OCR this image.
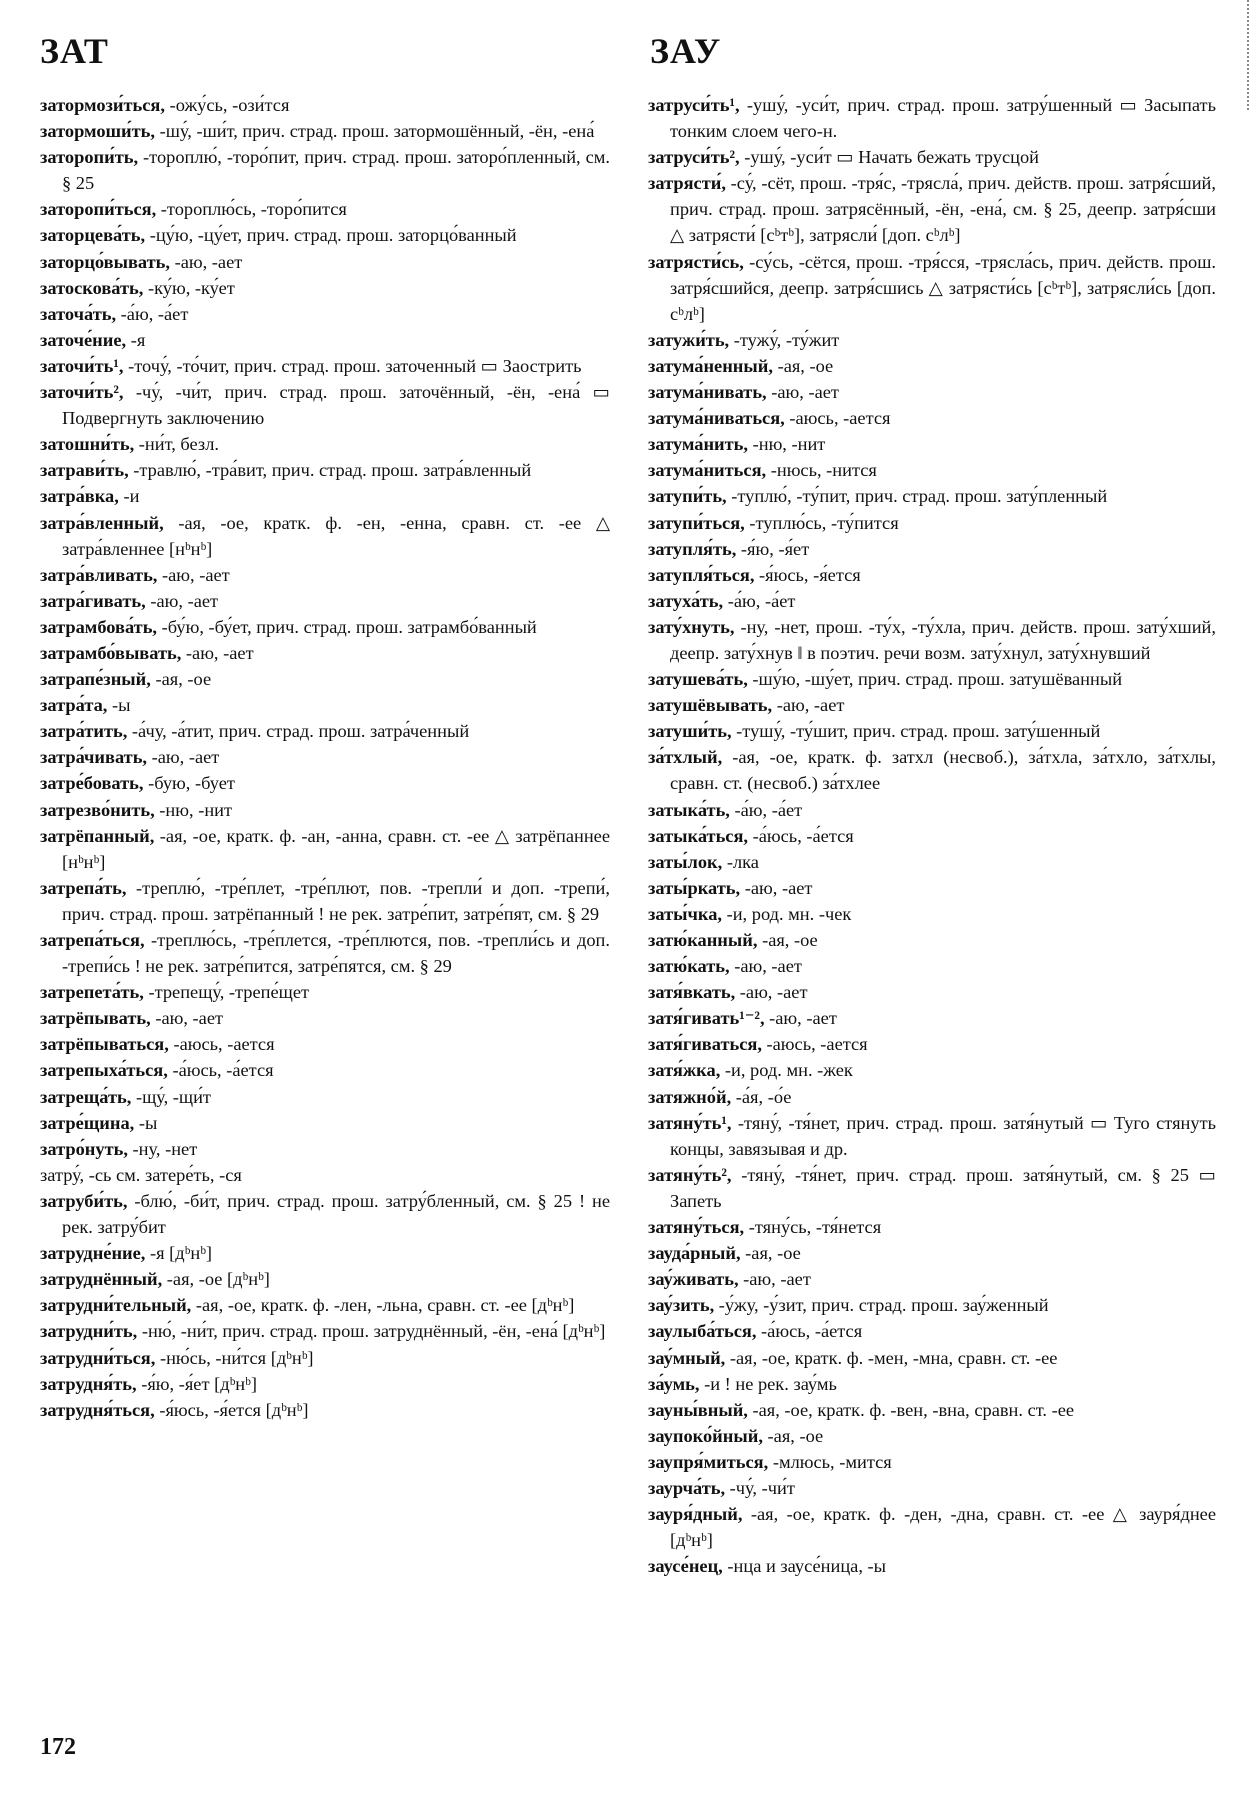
ЗАТ	ЗАУ
затормози́ться, -ожу́сь, -ози́тся
затормоши́ть, -шу́, -ши́т, прич. страд. прош. затормошённый, -ён, -ена́
заторопи́ть, -тороплю́, -торо́пит, прич. страд. прош. заторо́пленный, см. § 25
заторопи́ться, -тороплю́сь, -торо́пится
заторцева́ть, -цу́ю, -цу́ет, прич. страд. прош. заторцо́ванный
заторцо́вывать, -аю, -ает
затоскова́ть, -ку́ю, -ку́ет
заточа́ть, -а́ю, -а́ет
заточе́ние, -я
заточи́ть¹, -точу́, -то́чит, прич. страд. прош. заточенный ▭ Заострить
заточи́ть², -чу́, -чи́т, прич. страд. прош. заточённый, -ён, -ена́ ▭ Подвергнуть заключению
затошни́ть, -ни́т, безл.
затрави́ть, -травлю́, -тра́вит, прич. страд. прош. затра́вленный
затра́вка, -и
затра́вленный, -ая, -ое, кратк. ф. -ен, -енна, сравн. ст. -ее △ затра́вленнее [нᵇнᵇ]
затра́вливать, -аю, -ает
затра́гивать, -аю, -ает
затрамбова́ть, -бу́ю, -бу́ет, прич. страд. прош. затрамбо́ванный
затрамбо́вывать, -аю, -ает
затрапе́зный, -ая, -ое
затра́та, -ы
затра́тить, -а́чу, -а́тит, прич. страд. прош. затра́ченный
затра́чивать, -аю, -ает
затре́бовать, -бую, -бует
затрезво́нить, -ню, -нит
затрёпанный, -ая, -ое, кратк. ф. -ан, -анна, сравн. ст. -ее △ затрёпаннее [нᵇнᵇ]
затрепа́ть, -треплю́, -тре́плет, -тре́плют, пов. -трепли́ и доп. -трепи́, прич. страд. прош. затрёпанный ! не рек. затре́пит, затре́пят, см. § 29
затрепа́ться, -треплю́сь, -тре́плется, -тре́плются, пов. -трепли́сь и доп. -трепи́сь ! не рек. затре́пится, затре́пятся, см. § 29
затрепета́ть, -трепещу́, -трепе́щет
затрёпывать, -аю, -ает
затрёпываться, -аюсь, -ается
затрепыха́ться, -а́юсь, -а́ется
затреща́ть, -щу́, -щи́т
затре́щина, -ы
затро́нуть, -ну, -нет
затру́, -сь см. затере́ть, -ся
затруби́ть, -блю́, -би́т, прич. страд. прош. затру́бленный, см. § 25 ! не рек. затру́бит
затрудне́ние, -я [дᵇнᵇ]
затруднённый, -ая, -ое [дᵇнᵇ]
затрудни́тельный, -ая, -ое, кратк. ф. -лен, -льна, сравн. ст. -ее [дᵇнᵇ]
затрудни́ть, -ню́, -ни́т, прич. страд. прош. затруднённый, -ён, -ена́ [дᵇнᵇ]
затрудни́ться, -ню́сь, -ни́тся [дᵇнᵇ]
затрудня́ть, -я́ю, -я́ет [дᵇнᵇ]
затрудня́ться, -я́юсь, -я́ется [дᵇнᵇ]
затруси́ть¹, -ушу́, -уси́т, прич. страд. прош. затру́шенный ▭ Засыпать тонким слоем чего-н.
затруси́ть², -ушу́, -уси́т ▭ Начать бежать трусцой
затрясти́, -су́, -сёт, прош. -тря́с, -трясла́, прич. действ. прош. затря́сший, прич. страд. прош. затрясённый, -ён, -ена́, см. § 25, деепр. затря́сши △ затрясти́ [сᵇтᵇ], затрясли́ [доп. сᵇлᵇ]
затрясти́сь, -су́сь, -сётся, прош. -тря́сся, -трясла́сь, прич. действ. прош. затря́сшийся, деепр. затря́сшись △ затрясти́сь [сᵇтᵇ], затрясли́сь [доп. сᵇлᵇ]
затужи́ть, -тужу́, -ту́жит
затума́ненный, -ая, -ое
затума́нивать, -аю, -ает
затума́ниваться, -аюсь, -ается
затума́нить, -ню, -нит
затума́ниться, -нюсь, -нится
затупи́ть, -туплю́, -ту́пит, прич. страд. прош. зату́пленный
затупи́ться, -туплю́сь, -ту́пится
затупля́ть, -я́ю, -я́ет
затупля́ться, -я́юсь, -я́ется
затуха́ть, -а́ю, -а́ет
зату́хнуть, -ну, -нет, прош. -ту́х, -ту́хла, прич. действ. прош. зату́хший, деепр. зату́хнув ‖ в поэтич. речи возм. зату́хнул, зату́хнувший
затушева́ть, -шу́ю, -шу́ет, прич. страд. прош. затушёванный
затушёвывать, -аю, -ает
затуши́ть, -тушу́, -ту́шит, прич. страд. прош. зату́шенный
за́тхлый, -ая, -ое, кратк. ф. затхл (несвоб.), за́тхла, за́тхло, за́тхлы, сравн. ст. (несвоб.) за́тхлее
затыка́ть, -а́ю, -а́ет
затыка́ться, -а́юсь, -а́ется
заты́лок, -лка
заты́ркать, -аю, -ает
заты́чка, -и, род. мн. -чек
затю́канный, -ая, -ое
затю́кать, -аю, -ает
затя́вкать, -аю, -ает
затя́гивать¹⁻², -аю, -ает
затя́гиваться, -аюсь, -ается
затя́жка, -и, род. мн. -жек
затяжно́й, -а́я, -о́е
затяну́ть¹, -тяну́, -тя́нет, прич. страд. прош. затя́нутый ▭ Туго стянуть концы, завязывая и др.
затяну́ть², -тяну́, -тя́нет, прич. страд. прош. затя́нутый, см. § 25 ▭ Запеть
затяну́ться, -тяну́сь, -тя́нется
зауда́рный, -ая, -ое
зау́живать, -аю, -ает
зау́зить, -у́жу, -у́зит, прич. страд. прош. зау́женный
заулыба́ться, -а́юсь, -а́ется
зау́мный, -ая, -ое, кратк. ф. -мен, -мна, сравн. ст. -ее
за́умь, -и ! не рек. зау́мь
зауны́вный, -ая, -ое, кратк. ф. -вен, -вна, сравн. ст. -ее
заупоко́йный, -ая, -ое
заупря́миться, -млюсь, -мится
заурча́ть, -чу́, -чи́т
зауря́дный, -ая, -ое, кратк. ф. -ден, -дна, сравн. ст. -ее △ зауря́днее [дᵇнᵇ]
заусе́нец, -нца и заусе́ница, -ы
172
